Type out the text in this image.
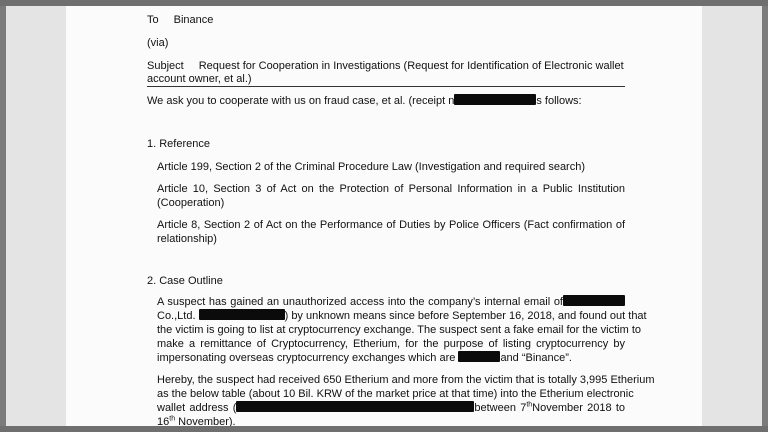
To Binance
(via)
Subject Request for Cooperation in Investigations (Request for Identification of Electronic wallet
account owner, et al.)
We ask you to cooperate with us on fraud case, et al. (receipt n	s follows:
1. Reference
Article 199, Section 2 of the Criminal Procedure Law (Investigation and required search)
Article 10, Section 3 of Act on the Protection of Personal Information in a Public Institution
(Cooperation)
Article 8, Section 2 of Act on the Performance of Duties by Police Officers (Fact confirmation of
relationship)
2. Case Outline
A suspect has gained an unauthorized access into the company’s internal email of
Co.,Ltd.	) by unknown means since before September 16, 2018, and found out that
the victim is going to list at cryptocurrency exchange. The suspect sent a fake email for the victim to
make a remittance of Cryptocurrency, Etherium, for the purpose of listing cryptocurrency by
impersonating overseas cryptocurrency exchanges which are	and “Binance”.
Hereby, the suspect had received 650 Etherium and more from the victim that is totally 3,995 Etherium
as the below table (about 10 Bil. KRW of the market price at that time) into the Etherium electronic
wallet address (	between 7thNovember 2018 to
16th November).
